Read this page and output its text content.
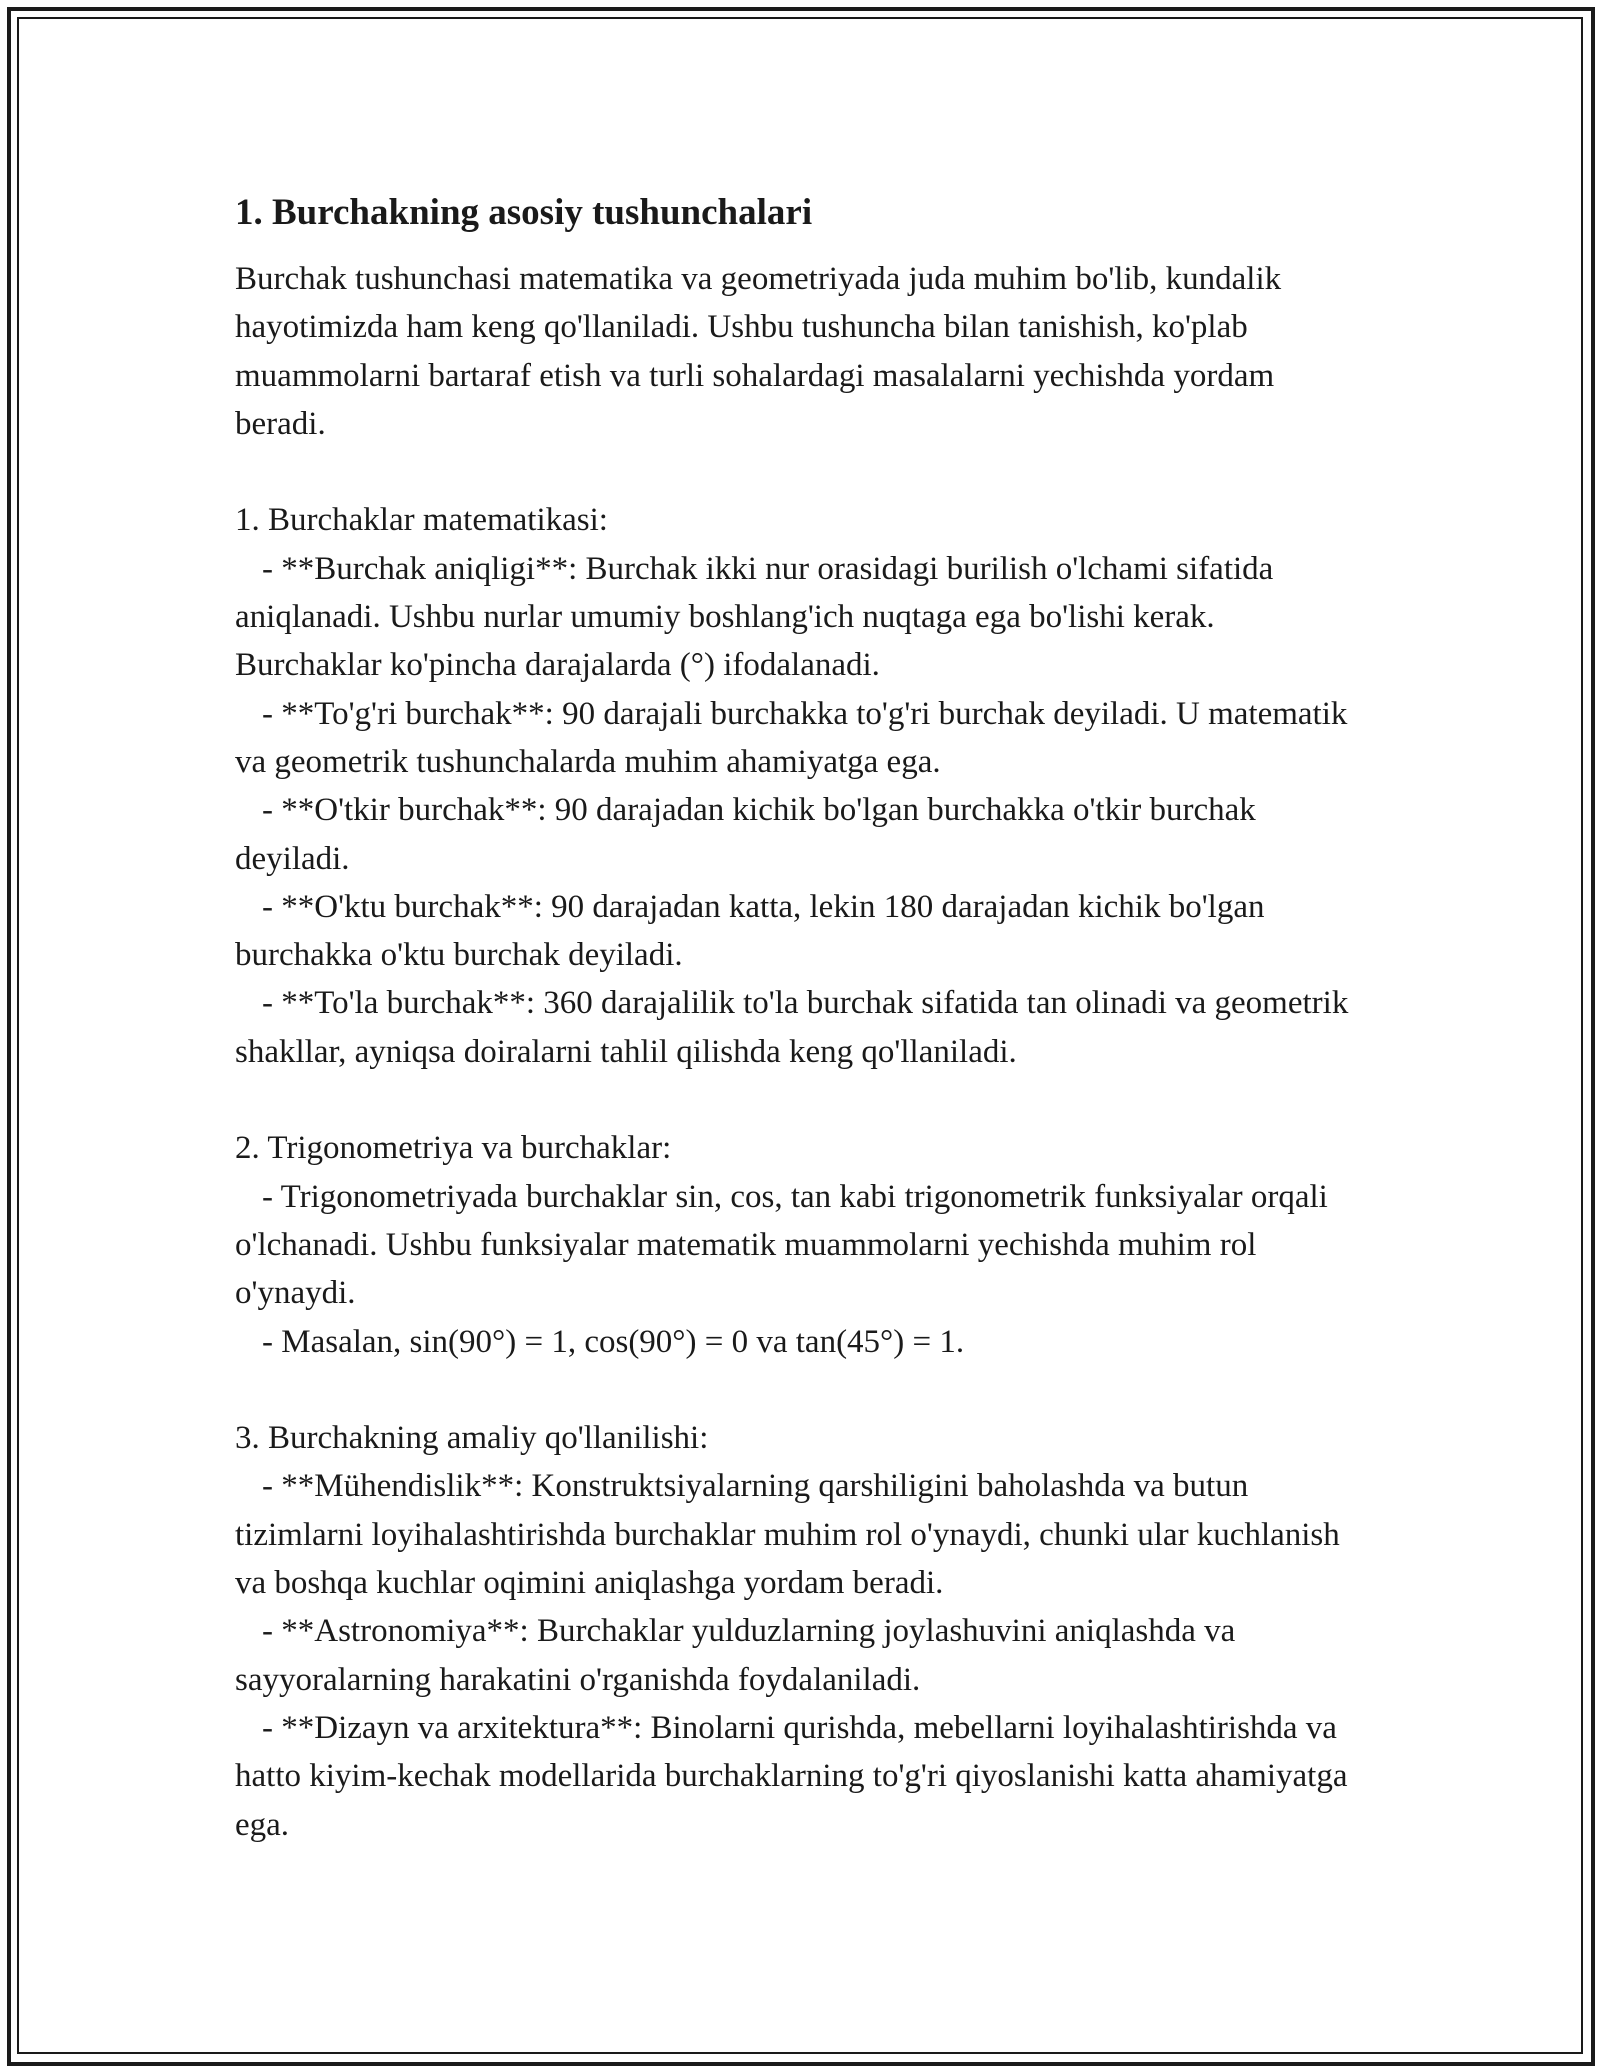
1. Burchakning asosiy tushunchalari

Burchak tushunchasi matematika va geometriyada juda muhim bo'lib, kundalik hayotimizda ham keng qo'llaniladi. Ushbu tushuncha bilan tanishish, ko'plab muammolarni bartaraf etish va turli sohalardagi masalalarni yechishda yordam beradi.

1. Burchaklar matematikasi:
- **Burchak aniqligi**: Burchak ikki nur orasidagi burilish o'lchami sifatida aniqlanadi. Ushbu nurlar umumiy boshlang'ich nuqtaga ega bo'lishi kerak. Burchaklar ko'pincha darajalarda (°) ifodalanadi.
- **To'g'ri burchak**: 90 darajali burchakka to'g'ri burchak deyiladi. U matematik va geometrik tushunchalarda muhim ahamiyatga ega.
- **O'tkir burchak**: 90 darajadan kichik bo'lgan burchakka o'tkir burchak deyiladi.
- **O'ktu burchak**: 90 darajadan katta, lekin 180 darajadan kichik bo'lgan burchakka o'ktu burchak deyiladi.
- **To'la burchak**: 360 darajalilik to'la burchak sifatida tan olinadi va geometrik shakllar, ayniqsa doiralarni tahlil qilishda keng qo'llaniladi.
2. Trigonometriya va burchaklar:
- Trigonometriyada burchaklar sin, cos, tan kabi trigonometrik funksiyalar orqali o'lchanadi. Ushbu funksiyalar matematik muammolarni yechishda muhim rol o'ynaydi.
- Masalan, sin(90°) = 1, cos(90°) = 0 va tan(45°) = 1.
3. Burchakning amaliy qo'llanilishi:
- **Mühendislik**: Konstruktsiyalarning qarshiligini baholashda va butun tizimlarni loyihalashtirishda burchaklar muhim rol o'ynaydi, chunki ular kuchlanish va boshqa kuchlar oqimini aniqlashga yordam beradi.
- **Astronomiya**: Burchaklar yulduzlarning joylashuvini aniqlashda va sayyoralarning harakatini o'rganishda foydalaniladi.
- **Dizayn va arxitektura**: Binolarni qurishda, mebellarni loyihalashtirishda va hatto kiyim-kechak modellarida burchaklarning to'g'ri qiyoslanishi katta ahamiyatga ega.
